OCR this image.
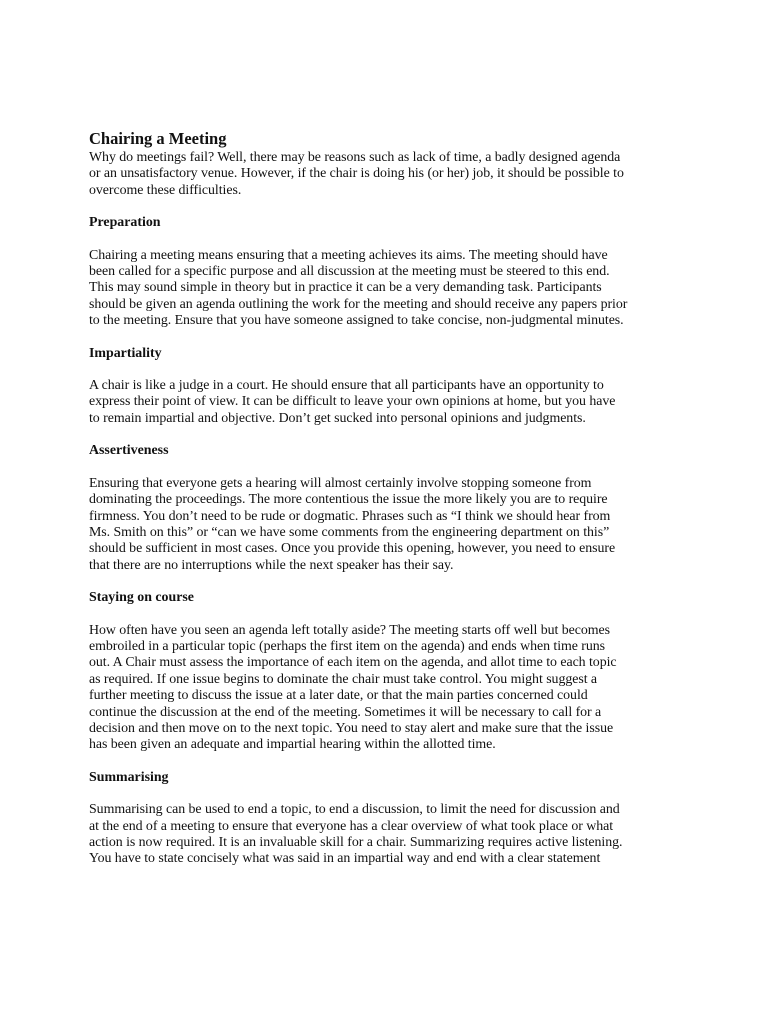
Chairing a Meeting

Why do meetings fail? Well, there may be reasons such as lack of time, a badly designed agenda
or an unsatisfactory venue. However, if the chair is doing his (or her) job, it should be possible to
overcome these difficulties.

Preparation

Chairing a meeting means ensuring that a meeting achieves its aims. The meeting should have
been called for a specific purpose and all discussion at the meeting must be steered to this end.
This may sound simple in theory but in practice it can be a very demanding task. Participants
should be given an agenda outlining the work for the meeting and should receive any papers prior
to the meeting. Ensure that you have someone assigned to take concise, non-judgmental minutes.

Impartiality

A chair is like a judge in a court. He should ensure that all participants have an opportunity to
express their point of view. It can be difficult to leave your own opinions at home, but you have
to remain impartial and objective. Don’t get sucked into personal opinions and judgments.

Assertiveness

Ensuring that everyone gets a hearing will almost certainly involve stopping someone from
dominating the proceedings. The more contentious the issue the more likely you are to require
firmness. You don’t need to be rude or dogmatic. Phrases such as “I think we should hear from
Ms. Smith on this” or “can we have some comments from the engineering department on this”
should be sufficient in most cases. Once you provide this opening, however, you need to ensure
that there are no interruptions while the next speaker has their say.

Staying on course

How often have you seen an agenda left totally aside? The meeting starts off well but becomes
embroiled in a particular topic (perhaps the first item on the agenda) and ends when time runs
out. A Chair must assess the importance of each item on the agenda, and allot time to each topic
as required. If one issue begins to dominate the chair must take control. You might suggest a
further meeting to discuss the issue at a later date, or that the main parties concerned could
continue the discussion at the end of the meeting. Sometimes it will be necessary to call for a
decision and then move on to the next topic. You need to stay alert and make sure that the issue
has been given an adequate and impartial hearing within the allotted time.

Summarising

Summarising can be used to end a topic, to end a discussion, to limit the need for discussion and
at the end of a meeting to ensure that everyone has a clear overview of what took place or what
action is now required. It is an invaluable skill for a chair. Summarizing requires active listening.
You have to state concisely what was said in an impartial way and end with a clear statement
